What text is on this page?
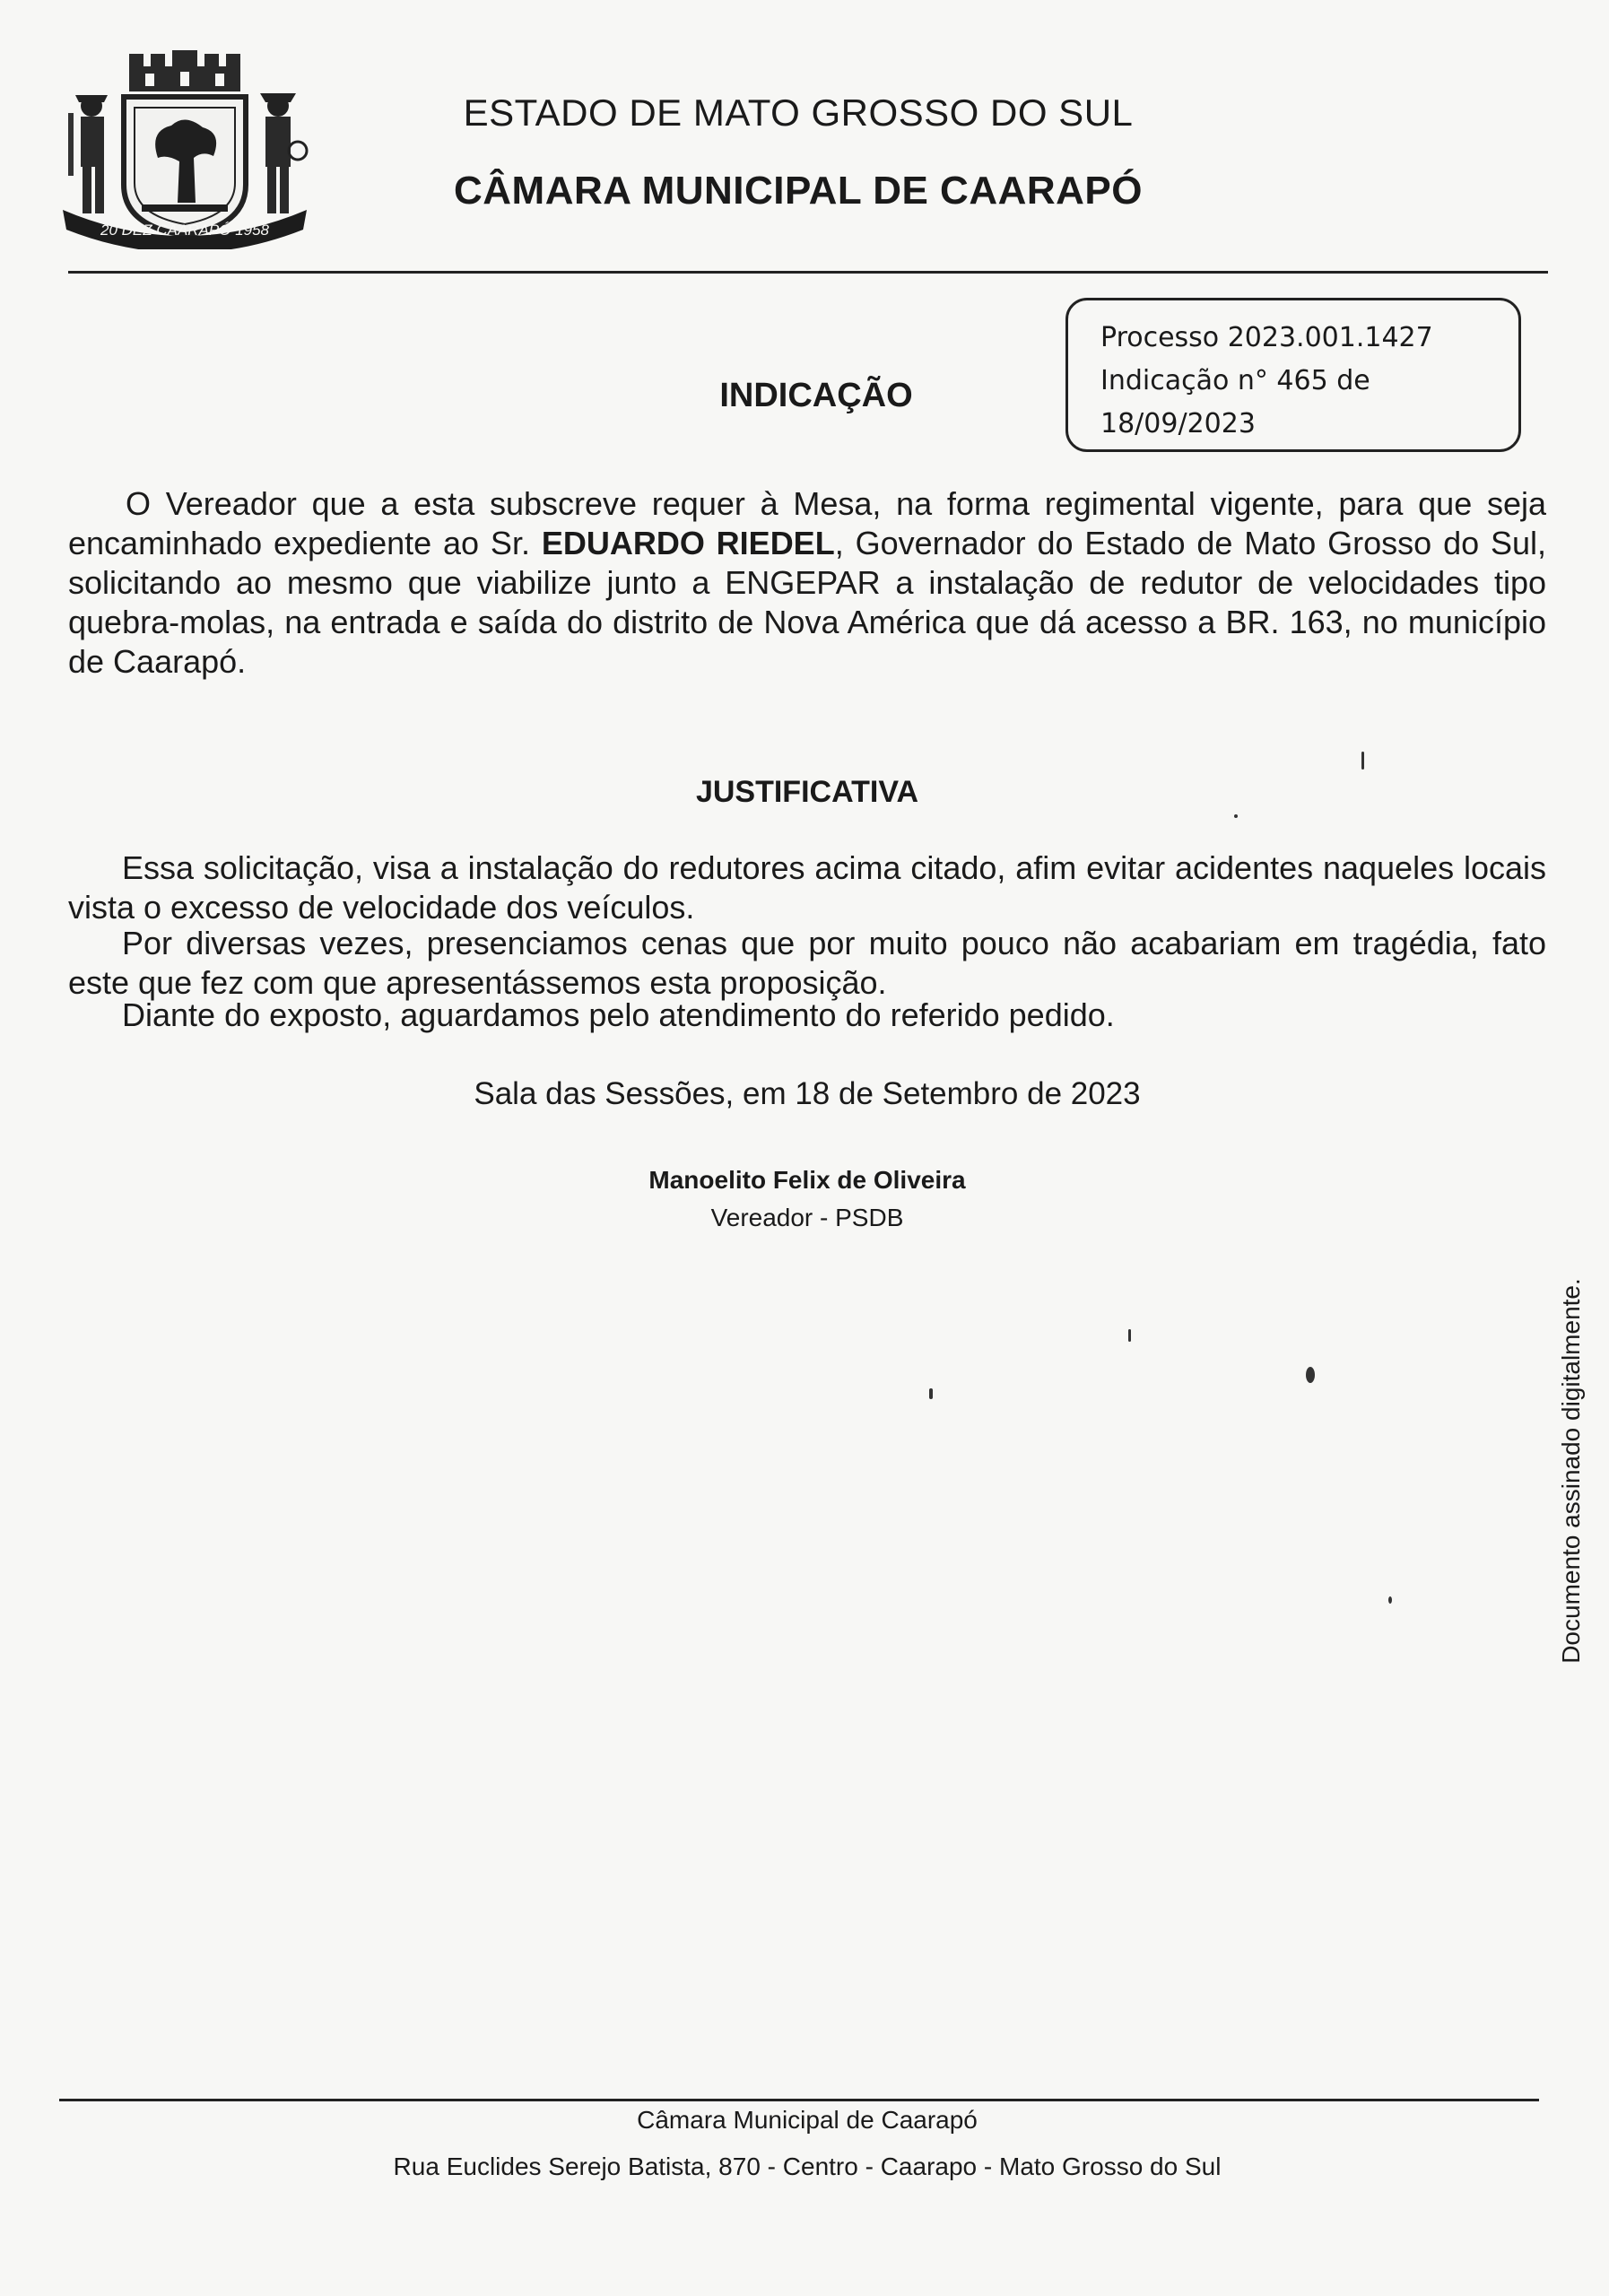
20 DEZ CAARAPÓ 1958
ESTADO DE MATO GROSSO DO SUL
CÂMARA MUNICIPAL DE CAARAPÓ
Processo 2023.001.1427
Indicação n° 465 de
18/09/2023
INDICAÇÃO

O Vereador que a esta subscreve requer à Mesa, na forma regimental vigente, para que seja encaminhado expediente ao Sr. EDUARDO RIEDEL, Governador do Estado de Mato Grosso do Sul, solicitando ao mesmo que viabilize junto a ENGEPAR a instalação de redutor de velocidades tipo quebra-molas, na entrada e saída do distrito de Nova América que dá acesso a BR. 163, no município de Caarapó.

JUSTIFICATIVA

Essa solicitação, visa a instalação do redutores acima citado, afim evitar acidentes naqueles locais vista o excesso de velocidade dos veículos.

Por diversas vezes, presenciamos cenas que por muito pouco não acabariam em tragédia, fato este que fez com que apresentássemos esta proposição.

Diante do exposto, aguardamos pelo atendimento do referido pedido.

Sala das Sessões, em 18 de Setembro de 2023
Manoelito Felix de Oliveira
Vereador - PSDB
Documento assinado digitalmente.
Câmara Municipal de Caarapó
Rua Euclides Serejo Batista, 870 - Centro - Caarapo - Mato Grosso do Sul
